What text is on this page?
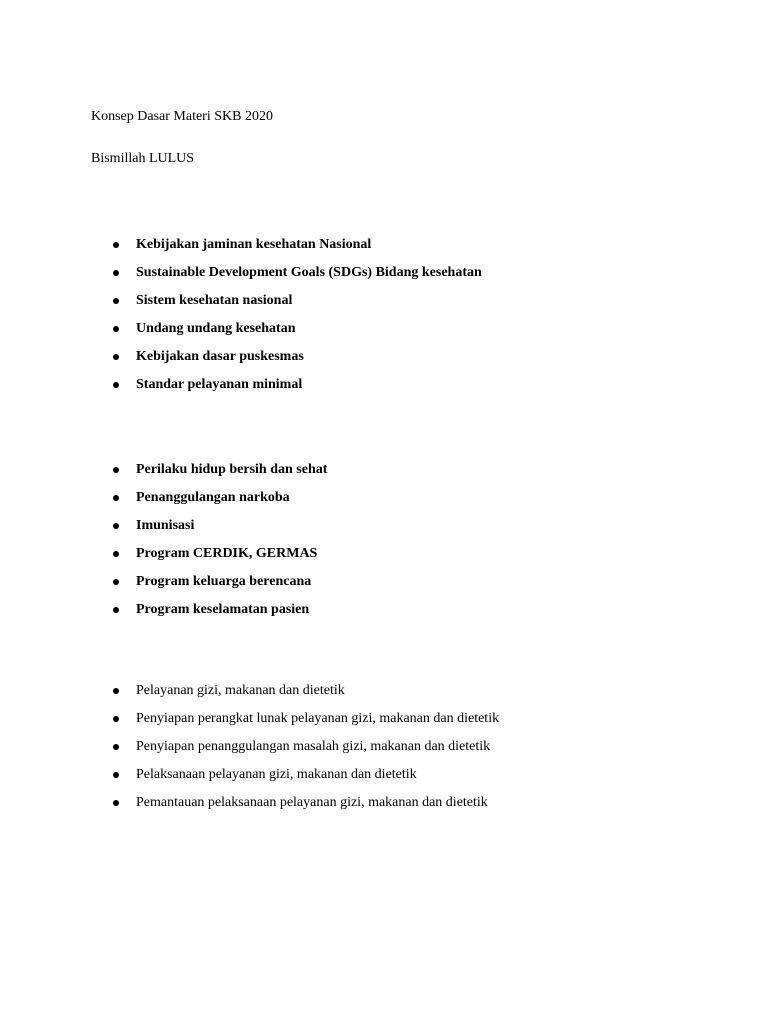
Konsep Dasar Materi SKB 2020
Bismillah LULUS
Kebijakan jaminan kesehatan Nasional
Sustainable Development Goals (SDGs) Bidang kesehatan
Sistem kesehatan nasional
Undang undang kesehatan
Kebijakan dasar puskesmas
Standar pelayanan minimal
Perilaku hidup bersih dan sehat
Penanggulangan narkoba
Imunisasi
Program CERDIK, GERMAS
Program keluarga berencana
Program keselamatan pasien
Pelayanan gizi, makanan dan dietetik
Penyiapan perangkat lunak pelayanan gizi, makanan dan dietetik
Penyiapan penanggulangan masalah gizi, makanan dan dietetik
Pelaksanaan pelayanan gizi, makanan dan dietetik
Pemantauan pelaksanaan pelayanan gizi, makanan dan dietetik
